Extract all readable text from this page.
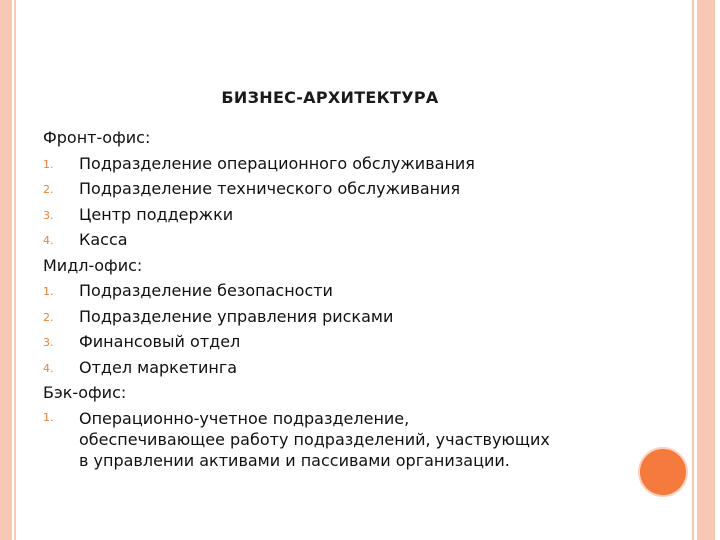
БИЗНЕС-АРХИТЕКТУРА
Фронт-офис:
1. Подразделение операционного обслуживания
2. Подразделение технического обслуживания
3. Центр поддержки
4. Касса
Мидл-офис:
1. Подразделение безопасности
2. Подразделение управления рисками
3. Финансовый отдел
4. Отдел маркетинга
Бэк-офис:
1. Операционно-учетное подразделение,
обеспечивающее работу подразделений, участвующих
в управлении активами и пассивами организации.
